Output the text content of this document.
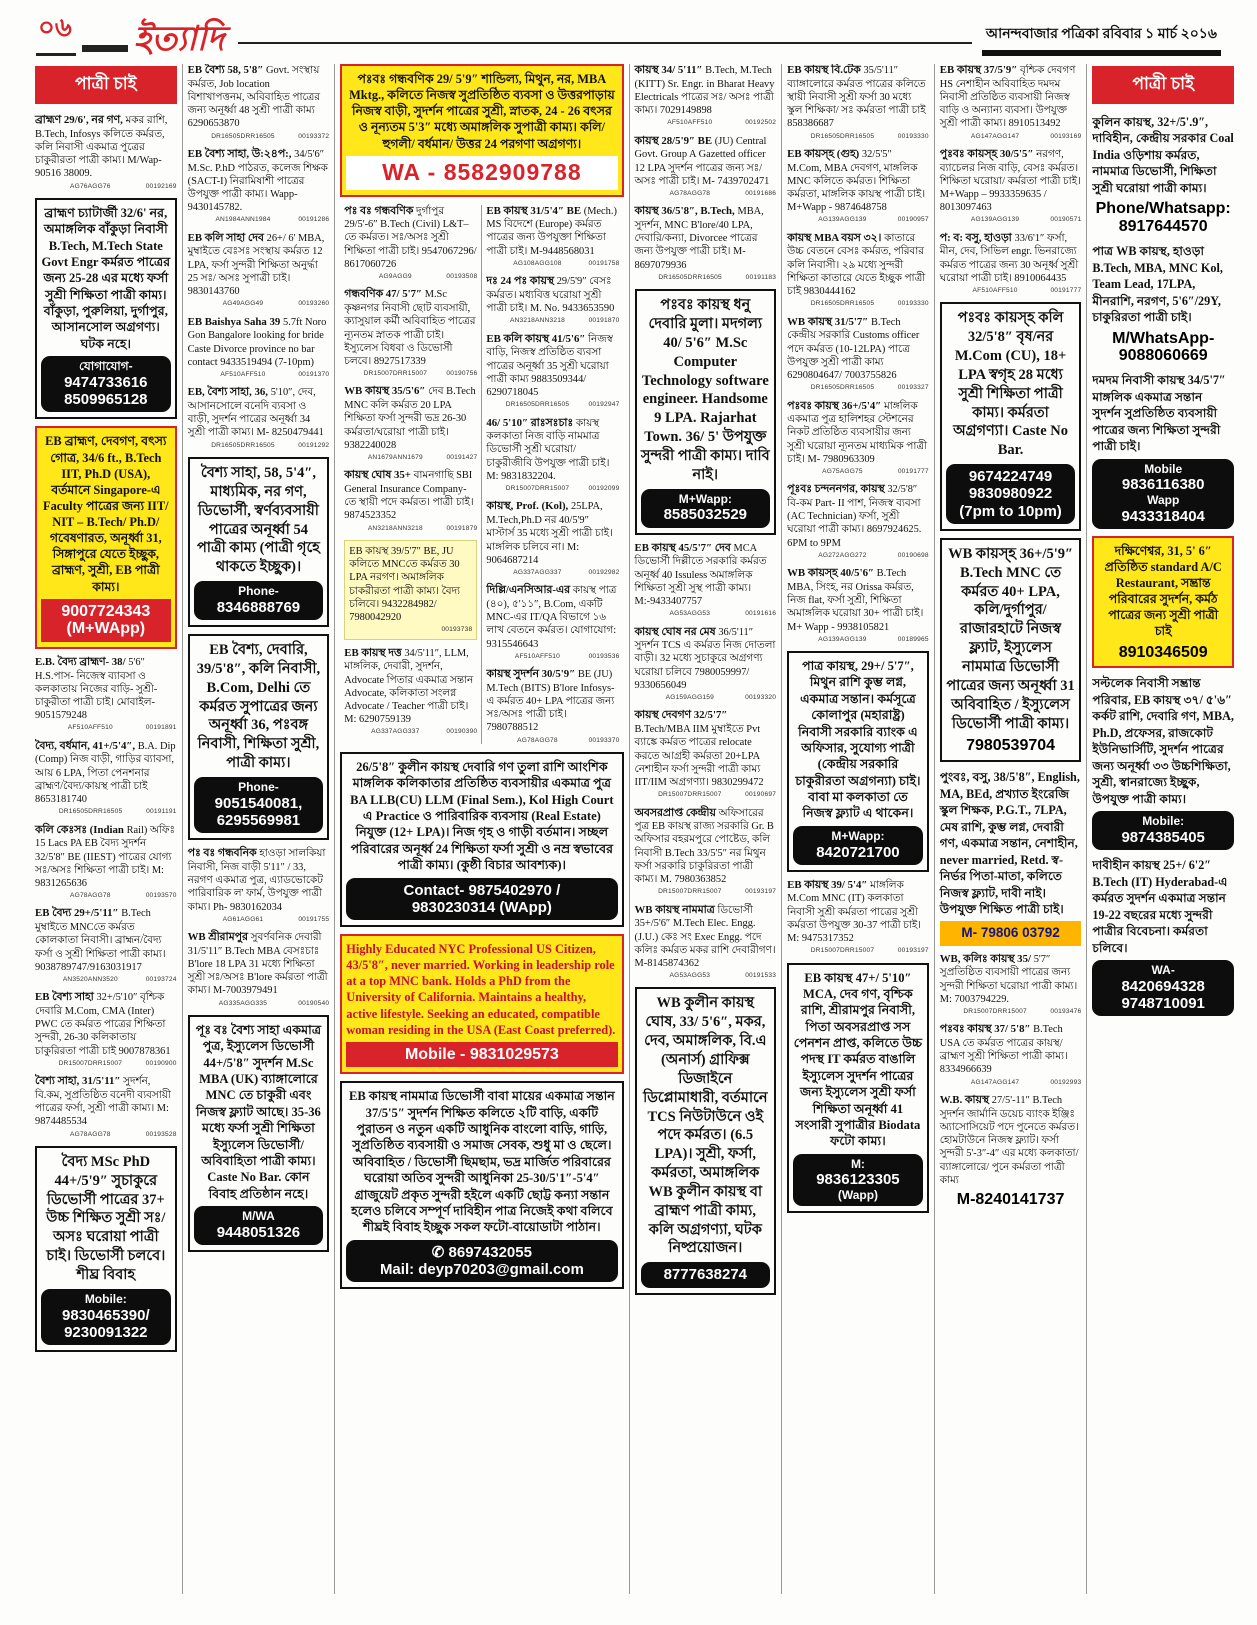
০৬ ইত্যাদি	আনন্দবাজার পত্রিকা রবিবার ১ মার্চ ২০১৬
পাত্রী চাই

ব্রাহ্মণ 29/6', নর গণ, মকর রাশি, B.Tech, Infosys কলিতে কর্মরত, কলি নিবাসী একমাত্র পুত্রের চাকুরীরতা পাত্রী কাম্য। M/Wap- 90516 38009.

AG76AGG76	00192169

ব্রাহ্মণ চ্যাটার্জী 32/6' নর, অমাঙ্গলিক বাঁকুড়া নিবাসী B.Tech, M.Tech State Govt Engr কর্মরত পাত্রের জন্য 25-28 এর মধ্যে ফর্সা সুশ্রী শিক্ষিতা পাত্রী কাম্য। বাঁকুড়া, পুরুলিয়া, দুর্গাপুর, আসানসোল অগ্রগণ্য। ঘটক নহে।

যোগাযোগ-
9474733616
8509965128

EB ব্রাহ্মণ, দেবগণ, বৎস্য গোত্র, 34/6 ft., B.Tech IIT, Ph.D (USA), বর্তমানে Singapore-এ Faculty পাত্রের জন্য IIT/ NIT – B.Tech/ Ph.D/ গবেষণারত, অনূর্ধ্বা 31, সিঙ্গাপুরে যেতে ইচ্ছুক, ব্রাহ্মণ, সুশ্রী, EB পাত্রী কাম্য।

9007724343
(M+WApp)

E.B. বৈদ্য ব্রাহ্মণ- 38/ 5'6″ H.S.পাস- নিজেস্ব ব্যাবসা ও কলকাতায় নিজের বাড়ি- সুশ্রী- চাকুরীতা পাত্রী চাই। মোবাইল- 9051579248

AF510AFF510	00191891

বৈদ্য, বর্ধমান, 41+/5'4″, B.A. Dip (Comp) নিজ বাড়ী, গাড়ির ব্যাবসা, আয় 6 LPA, পিতা পেনশনার ব্রাহ্মণ/বৈদ্য/কায়স্থ পাত্রী চাই 8653181740

DR16505DRR16505	00191191

কলি কেঃসঃ (Indian Rail) অফিঃ 15 Lacs PA EB বৈদ্য সুদর্শন 32/5'8″ BE (IIEST) পাত্রের যোগ্য সঃ/অসঃ শিক্ষিতা পাত্রী চাই। M: 9831265636

AG78AGG78	00193570

EB বৈদ্য 29+/5'11″ B.Tech মুম্বাইতে MNCতে কর্মরত কোলকাতা নিবাসী। ব্রাহ্মন/বৈদ্য ফর্সা ও সুশ্রী শিক্ষিতা পাত্রী কাম্য। 9038789747/9163031917

AN3520ANN3520	00193724

EB বৈশ্য সাহা 32+/5'10″ বৃশ্চিক দেবারি M.Com, CMA (Inter) PWC তে কর্মরত পাত্রের শিক্ষিতা সুন্দরী, 26-30 কলিকাতায় চাকুরিরতা পাত্রী চাই 9007878361

DR15007DRR15007	00190900

বৈশ্য সাহা, 31/5'11″ সুদর্শন, বি.কম, সুপ্রতিষ্ঠিত বনেদী ব্যবসায়ী পাত্রের ফর্সা, সুশ্রী পাত্রী কাম্য। M: 9874485534

AG78AGG78	00193528

বৈদ্য MSc PhD 44+/5'9″ সুচাকুরে ডিভোর্সী পাত্রের 37+ উচ্চ শিক্ষিত সুশ্রী সঃ/ অসঃ ঘরোয়া পাত্রী চাই। ডিভোর্সী চলবে। শীঘ্র বিবাহ

Mobile:
9830465390/
9230091322

EB বৈশ্য 58, 5'8″ Govt. সংস্থায় কর্মরত, Job location বিশাখাপত্তনম, অবিবাহিত পাত্রের জন্য অনূর্ধ্বা 48 সুশ্রী পাত্রী কাম্য 6290653870

DR16505DRR16505	00193372

EB বৈশ্য সাহা, উ:২৪প:, 34/5'6″ M.Sc. P.hD পাঠরত, কলেজ শিক্ষক (SACT-I) নিরামিষাশী পাত্রের উপযুক্ত পাত্রী কাম্য। Wapp- 9430145782.

AN1984ANN1984	00191286

EB কলি সাহা দেব 26+/ 6' MBA, মুম্বাইতে বেঃসঃ সংস্থায় কর্মরত 12 LPA, ফর্সা সুন্দরী শিক্ষিতা অনুর্দ্ধা 25 সঃ/ অসঃ সুপাত্রী চাই। 9830143760

AG49AGG49	00193260

EB Baishya Saha 39 5.7ft Noro Gon Bangalore looking for bride Caste Divorce province no bar contact 9433519494 (7-10pm)

AF510AFF510	00191370

EB, বৈশ্য সাহা, 36, 5'10″, দেব, আসানসোলে বনেদি ব্যবসা ও বাড়ী, সুদর্শন পাত্রের অনূর্ধ্বা 34 সুশ্রী পাত্রী কাম্য। M- 8250479441

DR16505DRR16505	00191292

বৈশ্য সাহা, 58, 5'4″, মাধ্যমিক, নর গণ, ডিভোর্সী, স্বর্ণব্যবসায়ী পাত্রের অনূর্ধ্বা 54 পাত্রী কাম্য (পাত্রী গৃহে থাকতে ইচ্ছুক)।

Phone-
8346888769

EB বৈশ্য, দেবারি, 39/5'8″, কলি নিবাসী, B.Com, Delhi তে কর্মরত সুপাত্রের জন্য অনূর্ধ্বা 36, পঃবঙ্গ নিবাসী, শিক্ষিতা সুশ্রী, পাত্রী কাম্য।

Phone-
9051540081,
6295569981

পঃ বঃ গন্ধবনিক হাওড়া সালকিয়া নিবাসী, নিজ বাড়ী 5'11″ / 33, নরগণ একমাত্র পুত্র, এ্যাডভোকেট পারিবারিক ল' ফার্ম, উপযুক্ত পাত্রী কাম্য। Ph- 9830162034

AG61AGG61	00191755

WB শ্রীরামপুর সুবর্ণবনিক দেবারী 31/5'11″ B.Tech MBA বেসঃচাঃ B'lore 18 LPA 31 মধ্যে শিক্ষিতা সুশ্রী সঃ/অসঃ B'lore কর্মরতা পাত্রী কাম্য। M-7003979491

AG335AGG335	00190540

পূঃ বঃ বৈশ্য সাহা একমাত্র পুত্র, ইস্যুলেস ডিভোর্সী 44+/5'8″ সুদর্শন M.Sc MBA (UK) ব্যাঙ্গালোরে MNC তে চাকুরী এবং নিজস্ব ফ্ল্যাট আছে। 35-36 মধ্যে ফর্সা সুশ্রী শিক্ষিতা ইস্যুলেস ডিভোর্সী/ অবিবাহিতা পাত্রী কাম্য। Caste No Bar. কোন বিবাহ প্রতিষ্ঠান নহে।

M/WA
9448051326

পঃবঃ গন্ধবণিক 29/ 5'9″ শান্ডিল্য, মিথুন, নর, MBA Mktg., কলিতে নিজস্ব সুপ্রতিষ্ঠিত ব্যবসা ও উত্তরপাড়ায় নিজস্ব বাড়ী, সুদর্শন পাত্রের সুশ্রী, স্নাতক, 24 - 26 বৎসর ও নূন্যতম 5'3″ মধ্যে অমাঙ্গলিক সুপাত্রী কাম্য। কলি/ হুগলী/ বর্ধমান/ উত্তর 24 পরগণা অগ্রগণ্য।

WA - 8582909788

পঃ বঃ গন্ধবণিক দুর্গাপুর 29/5'-6″ B.Tech (Civil) L&T–তে কর্মরত। সঃ/অসঃ সুশ্রী শিক্ষিতা পাত্রী চাই। 9547067296/ 8617060726

AG9AGG9	00193508

গন্ধবণিক 47/ 5'7″ M.Sc কৃষ্ণনগর নিবাসী ছোট ব্যবসায়ী, ক্যাসুয়াল কর্মী অবিবাহিত পাত্রের ন্যূনতম স্নাতক পাত্রী চাই। ইস্যুলেস বিধবা ও ডিভোর্সী চলবে। 8927517339

DR15007DRR15007	00190756

WB কায়স্থ 35/5'6″ দেব B.Tech MNC কলি কর্মরত 20 LPA শিক্ষিতা ফর্সা সুন্দরী ভদ্র 26-30 কর্মরতা/ঘরোয়া পাত্রী চাই। 9382240028

AN1679ANN1679	00191427

কায়স্থ ঘোষ 35+ বামনগাছি SBI General Insurance Company-তে স্থায়ী পদে কর্মরত। পাত্রী চাই। 9874523352

AN3218ANN3218	00191879

EB কায়স্থ 39/5'7″ BE, JU কলিতে MNCতে কর্মরত 30 LPA নরগণ। অমাঙ্গলিক চাকরীরতা পাত্রী কাম্য। বৈদ্য চলিবে। 9432284982/ 7980042920

00193738

EB কায়স্থ দত্ত 34/5'11″, LLM, মাঙ্গলিক, দেবারী, সুদর্শন, Advocate পিতার একমাত্র সন্তান Advocate, কলিকাতা সংলগ্ন Advocate / Teacher পাত্রী চাই। M: 6290759139

AG337AGG337	00190390

EB কায়স্থ 31/5'4″ BE (Mech.) MS বিদেশে (Europe) কর্মরত পাত্রের জন্য উপযুক্তা শিক্ষিতা পাত্রী চাই। M-9448568031

AG108AGG108	00191758

দঃ 24 পঃ কায়স্থ 29/5'9″ বেসঃ কর্মরত। মধ্যবিত্ত ঘরোয়া সুশ্রী পাত্রী চাই। M. No. 9433653590

AN3218ANN3218	00191870

EB কলি কায়স্থ 41/5'6″ নিজস্ব বাড়ি, নিজস্ব প্রতিষ্ঠিত ব্যবসা পাত্রের অনূর্ধ্বা 35 সুশ্রী ঘরোয়া পাত্রী কাম্য 9883509344/ 6290718045

DR16505DRR16505	00192947

46/ 5'10″ রাঃসঃচাঃ কায়স্থ কলকাতা নিজ বাড়ি নামমাত্র ডিভোর্সী সুশ্রী ঘরোয়া/ চাকুরীজীবি উপযুক্ত পাত্রী চাই। M: 9831832204.

DR15007DRR15007	00192099

কায়স্থ, Prof. (Kol), 25LPA, M.Tech,Ph.D নর 40/5'9″ মাস্টার্স 35 মধ্যে সুশ্রী পাত্রী চাই। মাঙ্গলিক চলিবে না। M: 9064687214

AG337AGG337	00192982

দিল্লি/এনসিআর-এর কায়স্থ পাত্র (৪০), ৫'১১″, B.Com, একটি MNC-এর IT/QA বিভাগে ১৬ লাখ বেতনে কর্মরত। যোগাযোগ: 9315546643

AF510AFF510	00193536

কায়স্থ সুদর্শন 30/5'9″ BE (JU) M.Tech (BITS) B'lore Infosys-এ কর্মরত 40+ LPA পাত্রের জন্য সঃ/অসঃ পাত্রী চাই। 7980788512

AG78AGG78	00193370

26/5'8″ কুলীন কায়স্থ দেবারি গণ তুলা রাশি আংশিক মাঙ্গলিক কলিকাতার প্রতিষ্ঠিত ব্যবসায়ীর একমাত্র পুত্র BA LLB(CU) LLM (Final Sem.), Kol High Court এ Practice ও পারিবারিক ব্যবসায় (Real Estate) নিযুক্ত (12+ LPA)। নিজ গৃহ ও গাড়ী বর্তমান। সচ্ছল পরিবারের অনূর্ধ্ব 24 শিক্ষিতা ফর্সা সুশ্রী ও নম্র স্বভাবের পাত্রী কাম্য। (কুষ্ঠী বিচার আবশ্যক)।

Contact- 9875402970 /
9830230314 (WApp)

Highly Educated NYC Professional US Citizen, 43/5'8″, never married. Working in leadership role at a top MNC bank. Holds a PhD from the University of California. Maintains a healthy, active lifestyle. Seeking an educated, compatible woman residing in the USA (East Coast preferred).

Mobile - 9831029573

EB কায়স্থ নামমাত্র ডিভোর্সী বাবা মায়ের একমাত্র সন্তান 37/5'5″ সুদর্শন শিক্ষিত কলিতে ২টি বাড়ি, একটি পুরাতন ও নতুন একটি আধুনিক বাংলো বাড়ি, গাড়ি, সুপ্রতিষ্ঠিত ব্যবসায়ী ও সমাজ সেবক, শুধু মা ও ছেলে। অবিবাহিত / ডিভোর্সী ছিমছাম, ভদ্র মার্জিত পরিবারের ঘরোয়া অতিব সুন্দরী আধুনিকা 25-30/5'1″-5'4″ গ্রাজুয়েট প্রকৃত সুন্দরী হইলে একটি ছোট্ট কন্যা সন্তান হলেও চলিবে সম্পূর্ণ দাবিহীন পাত্র নিজেই কথা বলিবে শীঘ্রই বিবাহ ইচ্ছুক সকল ফটো-বায়োডাটা পাঠান।

✆ 8697432055
Mail: deyp70203@gmail.com

কায়স্থ 34/ 5'11″ B.Tech, M.Tech (KITT) Sr. Engr. in Bharat Heavy Electricals পাত্রের সঃ/ অসঃ পাত্রী কাম্য। 7029149898

AF510AFF510	00192502

কায়স্থ 28/5'9″ BE (JU) Central Govt. Group A Gazetted officer 12 LPA সুদর্শন পাত্রের জন্য সঃ/অসঃ পাত্রী চাই। M- 7439702471

AG78AGG78	00191686

কায়স্থ 36/5'8″, B.Tech, MBA, সুদর্শন, MNC B'lore/40 LPA, দেবারি/কন্যা, Divorcee পাত্রের জন্য উপযুক্ত পাত্রী চাই। M- 8697079936

DR16505DRR16505	00191183

পঃবঃ কায়স্থ ধনু দেবারি মুলা। মদগল্য 40/ 5'6″ M.Sc Computer Technology software engineer. Handsome 9 LPA. Rajarhat Town. 36/ 5' উপযুক্ত সুন্দরী পাত্রী কাম্য। দাবি নাই।

M+Wapp:
8585032529

EB কায়স্থ 45/5'7″ দেব MCA ডিভোর্সী দিল্লীতে সরকারি কর্মরত অনূর্ধ্ব 40 Issuless অমাঙ্গলিক শিক্ষিতা সুশ্রী সুস্থ পাত্রী কাম্য। M:-9433407757

AG53AGG53	00191616

কায়স্থ ঘোষ নর মেষ 36/5'11″ সুদর্শন TCS এ কর্মরত নিজ দোতলা বাড়ী। 32 মধ্যে সুচাকুরে অগ্রগণ্য ঘরোয়া চলিবে 7980059997/ 9330656049

AG159AGG159	00193320

কায়স্থ দেবগণ 32/5'7″ B.Tech/MBA IIM মুম্বাইতে Pvt ব্যাঙ্কে কর্মরত পাত্রের relocate করতে আগ্রহী কর্মরতা 20+LPA নেশাহীন ফর্সা সুন্দরী পাত্রী কাম্য IIT/IIM অগ্রগণ্যা। 9830299472

DR15007DRR15007	00190697

অবসরপ্রাপ্ত কেন্দ্রীয় অফিসারের পুত্র EB কায়স্থ রাজ্য সরকারি Gr. B অফিসার বহরমপুরে পোষ্টেড, কলি নিবাসী B.Tech 33/5'5″ নর মিথুন ফর্সা সরকারি চাকুরিরতা পাত্রী কাম্য। M. 7980363852

DR15007DRR15007	00193197

WB কায়স্থ নামমাত্র ডিভোর্সী 35+/5'6″ M.Tech Elec. Engg. (J.U.) কেঃ সং Exec Engg. পদে কলিঃ কর্মরত মকর রাশি দেবারীগণ। M-8145874362

AG53AGG53	00191533

WB কুলীন কায়স্থ ঘোষ, 33/ 5'6″, মকর, দেব, অমাঙ্গলিক, বি.এ (অনার্স) গ্রাফিক্স ডিজাইনে ডিপ্লোমাধারী, বর্তমানে TCS নিউটাউনে ওই পদে কর্মরত। (6.5 LPA)। সুশ্রী, ফর্সা, কর্মরতা, অমাঙ্গলিক WB কুলীন কায়স্থ বা ব্রাহ্মণ পাত্রী কাম্য, কলি অগ্রগণ্যা, ঘটক নিষ্প্রয়োজন।

8777638274

EB কায়স্থ বি.টেক 35/5'11″ ব্যাঙ্গালোরে কর্মরত পাত্রের কলিতে স্থায়ী নিবাসী সুশ্রী ফর্সা 30 মধ্যে স্কুল শিক্ষিকা/ সঃ কর্মরতা পাত্রী চাই 858386687

DR16505DRR16505	00193330

EB কায়স্হ (গুহ) 32/5'5″ M.Com, MBA দেবগণ, মাঙ্গলিক MNC কলিতে কর্মরত। শিক্ষিতা কর্মরতা, মাঙ্গলিক কায়স্থ পাত্রী চাই। M+Wapp - 9874648758

AG139AGG139	00190957

কায়স্থ MBA বয়স ৩২। কাতারে উচ্চ বেতনে বেসঃ কর্মরত, পরিবার কলি নিবাসী। ২৯ মধ্যে সুন্দরী শিক্ষিতা কাতারে যেতে ইচ্ছুক পাত্রী চাই 9830444162

DR16505DRR16505	00193330

WB কায়স্থ 31/5'7″ B.Tech কেন্দ্রীয় সরকারি Customs officer পদে কর্মরত (10-12LPA) পাত্রে উপযুক্ত সুশ্রী পাত্রী কাম্য 6290804647/ 7003755826

DR16505DRR16505	00193327

পঃবঃ কায়স্থ 36+/5'4″ মাঙ্গলিক একমাত্র পুত্র হালিশহর স্টেশনের নিকট প্রতিষ্ঠিত ব্যবসায়ীর জন্য সুশ্রী ঘরোয়া ন্যূনতম মাধ্যমিক পাত্রী চাই। M- 7980963309

AG75AGG75	00191777

পূঃবঃ চন্দননগর, কায়স্থ 32/5'8″ বি-কম Part- II পাশ, নিজস্ব ব্যবসা (AC Technician) ফর্সা, সুশ্রী ঘরোয়া পাত্রী কাম্য। 8697924625. 6PM to 9PM

AG272AGG272	00190698

WB কায়স্হ 40/5'6″ B.Tech MBA, সিংহ, নর Orissa কর্মরত, নিজ flat, ফর্সা সুশ্রী, শিক্ষিতা অমাঙ্গলিক ঘরোয়া 30+ পাত্রী চাই। M+ Wapp - 9938105821

AG139AGG139	00189965

পাত্র কায়স্থ, 29+/ 5'7″, মিথুন রাশি কুম্ভ লগ্ন, একমাত্র সন্তান। কর্মসূত্রে কোলাপুর (মহারাষ্ট্র) নিবাসী সরকারি ব্যাংক এ অফিসার, সুযোগ্য পাত্রী (কেন্দ্রীয় সরকারি চাকুরীরতা অগ্রগন্যা) চাই। বাবা মা কলকাতা তে নিজস্ব ফ্ল্যাট এ থাকেন।

M+Wapp:
8420721700

EB কায়স্থ 39/ 5'4″ মাঙ্গলিক M.Com MNC (IT) কলকাতা নিবাসী সুশ্রী কর্মরতা পাত্রের সুশ্রী কর্মরতা উপযুক্ত 30-37 পাত্রী চাই। M: 9475317352

DR15007DRR15007	00193197

EB কায়স্থ 47+/ 5'10″ MCA, দেব গণ, বৃশ্চিক রাশি, শ্রীরামপুর নিবাসী, পিতা অবসরপ্রাপ্ত সস পেনশন প্রাপ্ত, কলিতে উচ্চ পদস্থ IT কর্মরত বাঙালি ইস্যুলেস সুদর্শন পাত্রের জন্য ইস্যুলেস সুশ্রী ফর্সা শিক্ষিতা অনূর্ধ্বা 41 সংসারী সুপাত্রীর Biodata ফটো কাম্য।

M:
9836123305
(Wapp)

EB কায়স্থ 37/5'9″ বৃশ্চিক দেবগণ HS নেশাহীন অবিবাহিত দমদম নিবাসী প্রতিষ্ঠিত ব্যবসায়ী নিজস্ব বাড়ি ও অন্যান্য ব্যবসা। উপযুক্ত সুশ্রী পাত্রী কাম্য। 8910513492

AG147AGG147	00193169

পুঃবঃ কায়স্হ 30/5'5″ নরগণ, ব্যাচেলর নিজ বাড়ি, বেসঃ কর্মরত। শিক্ষিতা ঘরোয়া/ কর্মরতা পাত্রী চাই। M+Wapp – 9933359635 / 8013097463

AG139AGG139	00190571

প: ব: বসু, হাওড়া 33/6'1″ ফর্সা, মীন, দেব, সিভিল engr. ভিনরাজ্যে কর্মরত পাত্রের জন্য 30 অনূর্ধ্ব সুশ্রী ঘরোয়া পাত্রী চাই। 8910064435

AF510AFF510	00191777

পঃবঃ কায়স্হ কলি 32/5'8″ বৃষ/নর M.Com (CU), 18+ LPA স্বগৃহ 28 মধ্যে সুশ্রী শিক্ষিতা পাত্রী কাম্য। কর্মরতা অগ্রগণ্যা। Caste No Bar.

9674224749
9830980922
(7pm to 10pm)

WB কায়স্হ 36+/5'9″ B.Tech MNC তে কর্মরত 40+ LPA, কলি/দুর্গাপুর/ রাজারহাটে নিজস্ব ফ্ল্যাট, ইস্যুলেস নামমাত্র ডিভোর্সী পাত্রের জন্য অনূর্ধ্বা 31 অবিবাহিত / ইস্যুলেস ডিভোর্সী পাত্রী কাম্য।

7980539704

পুংবঃ, বসু, 38/5'8″, English, MA, BEd, প্রখ্যাত ইংরেজি স্কুল শিক্ষক, P.G.T., 7LPA, মেষ রাশি, কুম্ভ লগ্ন, দেবারী গণ, একমাত্র সন্তান, নেশাহীন, never married, Retd. স্ব-নির্ভর পিতা-মাতা, কলিতে নিজস্ব ফ্ল্যাট, দাবী নাই। উপযুক্ত শিক্ষিত পাত্রী চাই।

M- 79806 03792

WB, কলিঃ কায়স্থ 35/ 5'7″ সুপ্রতিষ্ঠিত ব্যবসায়ী পাত্রের জন্য সুন্দরী শিক্ষিতা ঘরোয়া পাত্রী কাম্য। M: 7003794229.

DR15007DRR15007	00193476

পঃবঃ কায়স্থ 37/ 5'8″ B.Tech USA তে কর্মরত পাত্রের কায়স্থ/ ব্রাহ্মণ সুশ্রী শিক্ষিতা পাত্রী কাম্য। 8334966639

AG147AGG147	00192993

W.B. কায়স্থ 27/5'-11″ B.Tech সুদর্শন জার্মানি ডয়েচ ব্যাংক ইঞ্জিঃ অ্যাসোসিয়েট পদে পুনেতে কর্মরত। হোমটাউনে নিজস্ব ফ্ল্যাট। ফর্সা সুন্দরী 5'-3″-4″ এর মধ্যে কলকাতা/ ব্যাঙ্গালোরে/ পুনে কর্মরতা পাত্রী কাম্য

M-8240141737
পাত্রী চাই

কুলিন কায়স্থ, 32+/5'.9″, দাবিহীন, কেন্দ্রীয় সরকার Coal India ওড়িশায় কর্মরত, নামমাত্র ডিভোর্সী, শিক্ষিতা সুশ্রী ঘরোয়া পাত্রী কাম্য।

Phone/Whatsapp:
8917644570

পাত্র WB কায়স্থ, হাওড়া B.Tech, MBA, MNC Kol, Team Lead, 17LPA, মীনরাশি, নরগণ, 5'6″/29Y, চাকুরিরতা পাত্রী চাই।

M/WhatsApp-
9088060669

দমদম নিবাসী কায়স্থ 34/5'7″ মাঙ্গলিক একমাত্র সন্তান সুদর্শন সুপ্রতিষ্ঠিত ব্যবসায়ী পাত্রের জন্য শিক্ষিতা সুন্দরী পাত্রী চাই।

Mobile
9836116380
Wapp
9433318404

দক্ষিণেশ্বর, 31, 5' 6″ প্রতিষ্ঠিত standard A/C Restaurant, সম্ভ্রান্ত পরিবারের সুদর্শন, কর্মঠ পাত্রের জন্য সুশ্রী পাত্রী চাই

8910346509

সল্টলেক নিবাসী সম্ভ্রান্ত পরিবার, EB কায়স্থ ৩৭/ ৫'৬″ কর্কট রাশি, দেবারি গণ, MBA, Ph.D, প্রফেসর, রাজকোট ইউনিভার্সিটি, সুদর্শন পাত্রের জন্য অনূর্ধ্বা ৩৩ উচ্চশিক্ষিতা, সুশ্রী, স্বানরাজ্যে ইচ্ছুক, উপযুক্ত পাত্রী কাম্য।

Mobile:
9874385405

দাবীহীন কায়স্থ 25+/ 6'2″ B.Tech (IT) Hyderabad-এ কর্মরত সুদর্শন একমাত্র সন্তান 19-22 বছরের মধ্যে সুন্দরী পাত্রীর বিবেচনা। কর্মরতা চলিবে।

WA-
8420694328
9748710091
